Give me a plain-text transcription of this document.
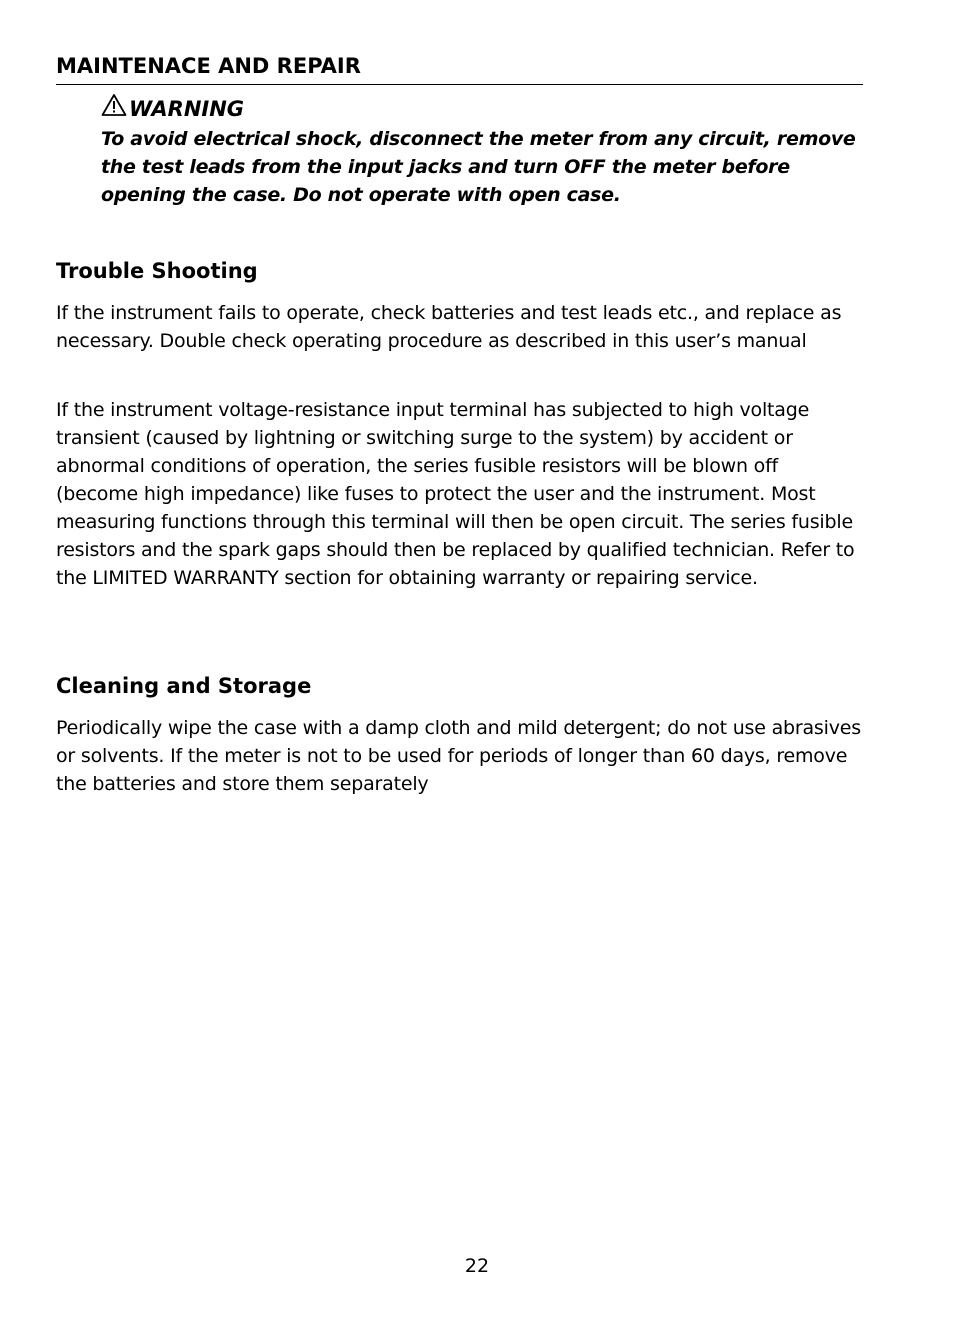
MAINTENACE AND REPAIR
WARNING
To avoid electrical shock, disconnect the meter from any circuit, remove the test leads from the input jacks and turn OFF the meter before opening the case. Do not operate with open case.
Trouble Shooting

If the instrument fails to operate, check batteries and test leads etc., and replace as necessary. Double check operating procedure as described in this user’s manual

If the instrument voltage-resistance input terminal has subjected to high voltage transient (caused by lightning or switching surge to the system) by accident or abnormal conditions of operation, the series fusible resistors will be blown off (become high impedance) like fuses to protect the user and the instrument. Most measuring functions through this terminal will then be open circuit. The series fusible resistors and the spark gaps should then be replaced by qualified technician. Refer to the LIMITED WARRANTY section for obtaining warranty or repairing service.

Cleaning and Storage

Periodically wipe the case with a damp cloth and mild detergent; do not use abrasives or solvents. If the meter is not to be used for periods of longer than 60 days, remove the batteries and store them separately

22
